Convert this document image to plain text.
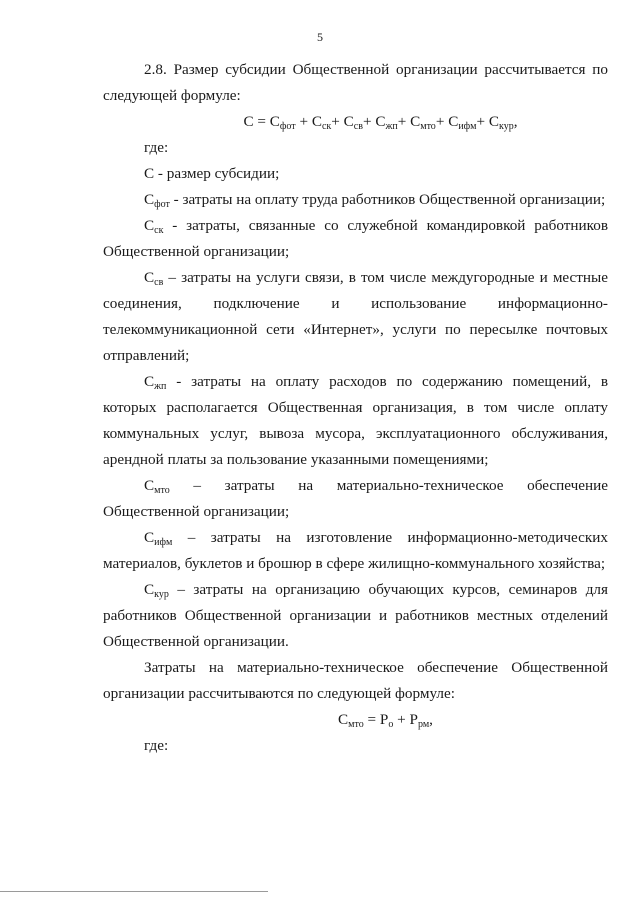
5

2.8. Размер субсидии Общественной организации рассчитывается по следующей формуле:

$С = С_{фот} + С_{ск}+ С_{св}+ С_{жп}+ С_{мто}+ С_{ифм}+ С_{кур}$,

где:

С - размер субсидии;

$С_{фот}$ - затраты на оплату труда работников Общественной организации;

$С_{ск}$ - затраты, связанные со служебной командировкой работников Общественной организации;

$С_{св}$ – затраты на услуги связи, в том числе междугородные и местные соединения, подключение и использование информационно-телекоммуникационной сети «Интернет», услуги по пересылке почтовых отправлений;

$С_{жп}$ - затраты на оплату расходов по содержанию помещений, в которых располагается Общественная организация, в том числе оплату коммунальных услуг, вывоза мусора, эксплуатационного обслуживания, арендной платы за пользование указанными помещениями;

$С_{мто}$ – затраты на материально-техническое обеспечение Общественной организации;

$С_{ифм}$ – затраты на изготовление информационно-методических материалов, буклетов и брошюр в сфере жилищно-коммунального хозяйства;

$С_{кур}$ – затраты на организацию обучающих курсов, семинаров для работников Общественной организации и работников местных отделений Общественной организации.

Затраты на материально-техническое обеспечение Общественной организации рассчитываются по следующей формуле:

$С_{мто} = Р_о + Р_{рм}$,

где:
